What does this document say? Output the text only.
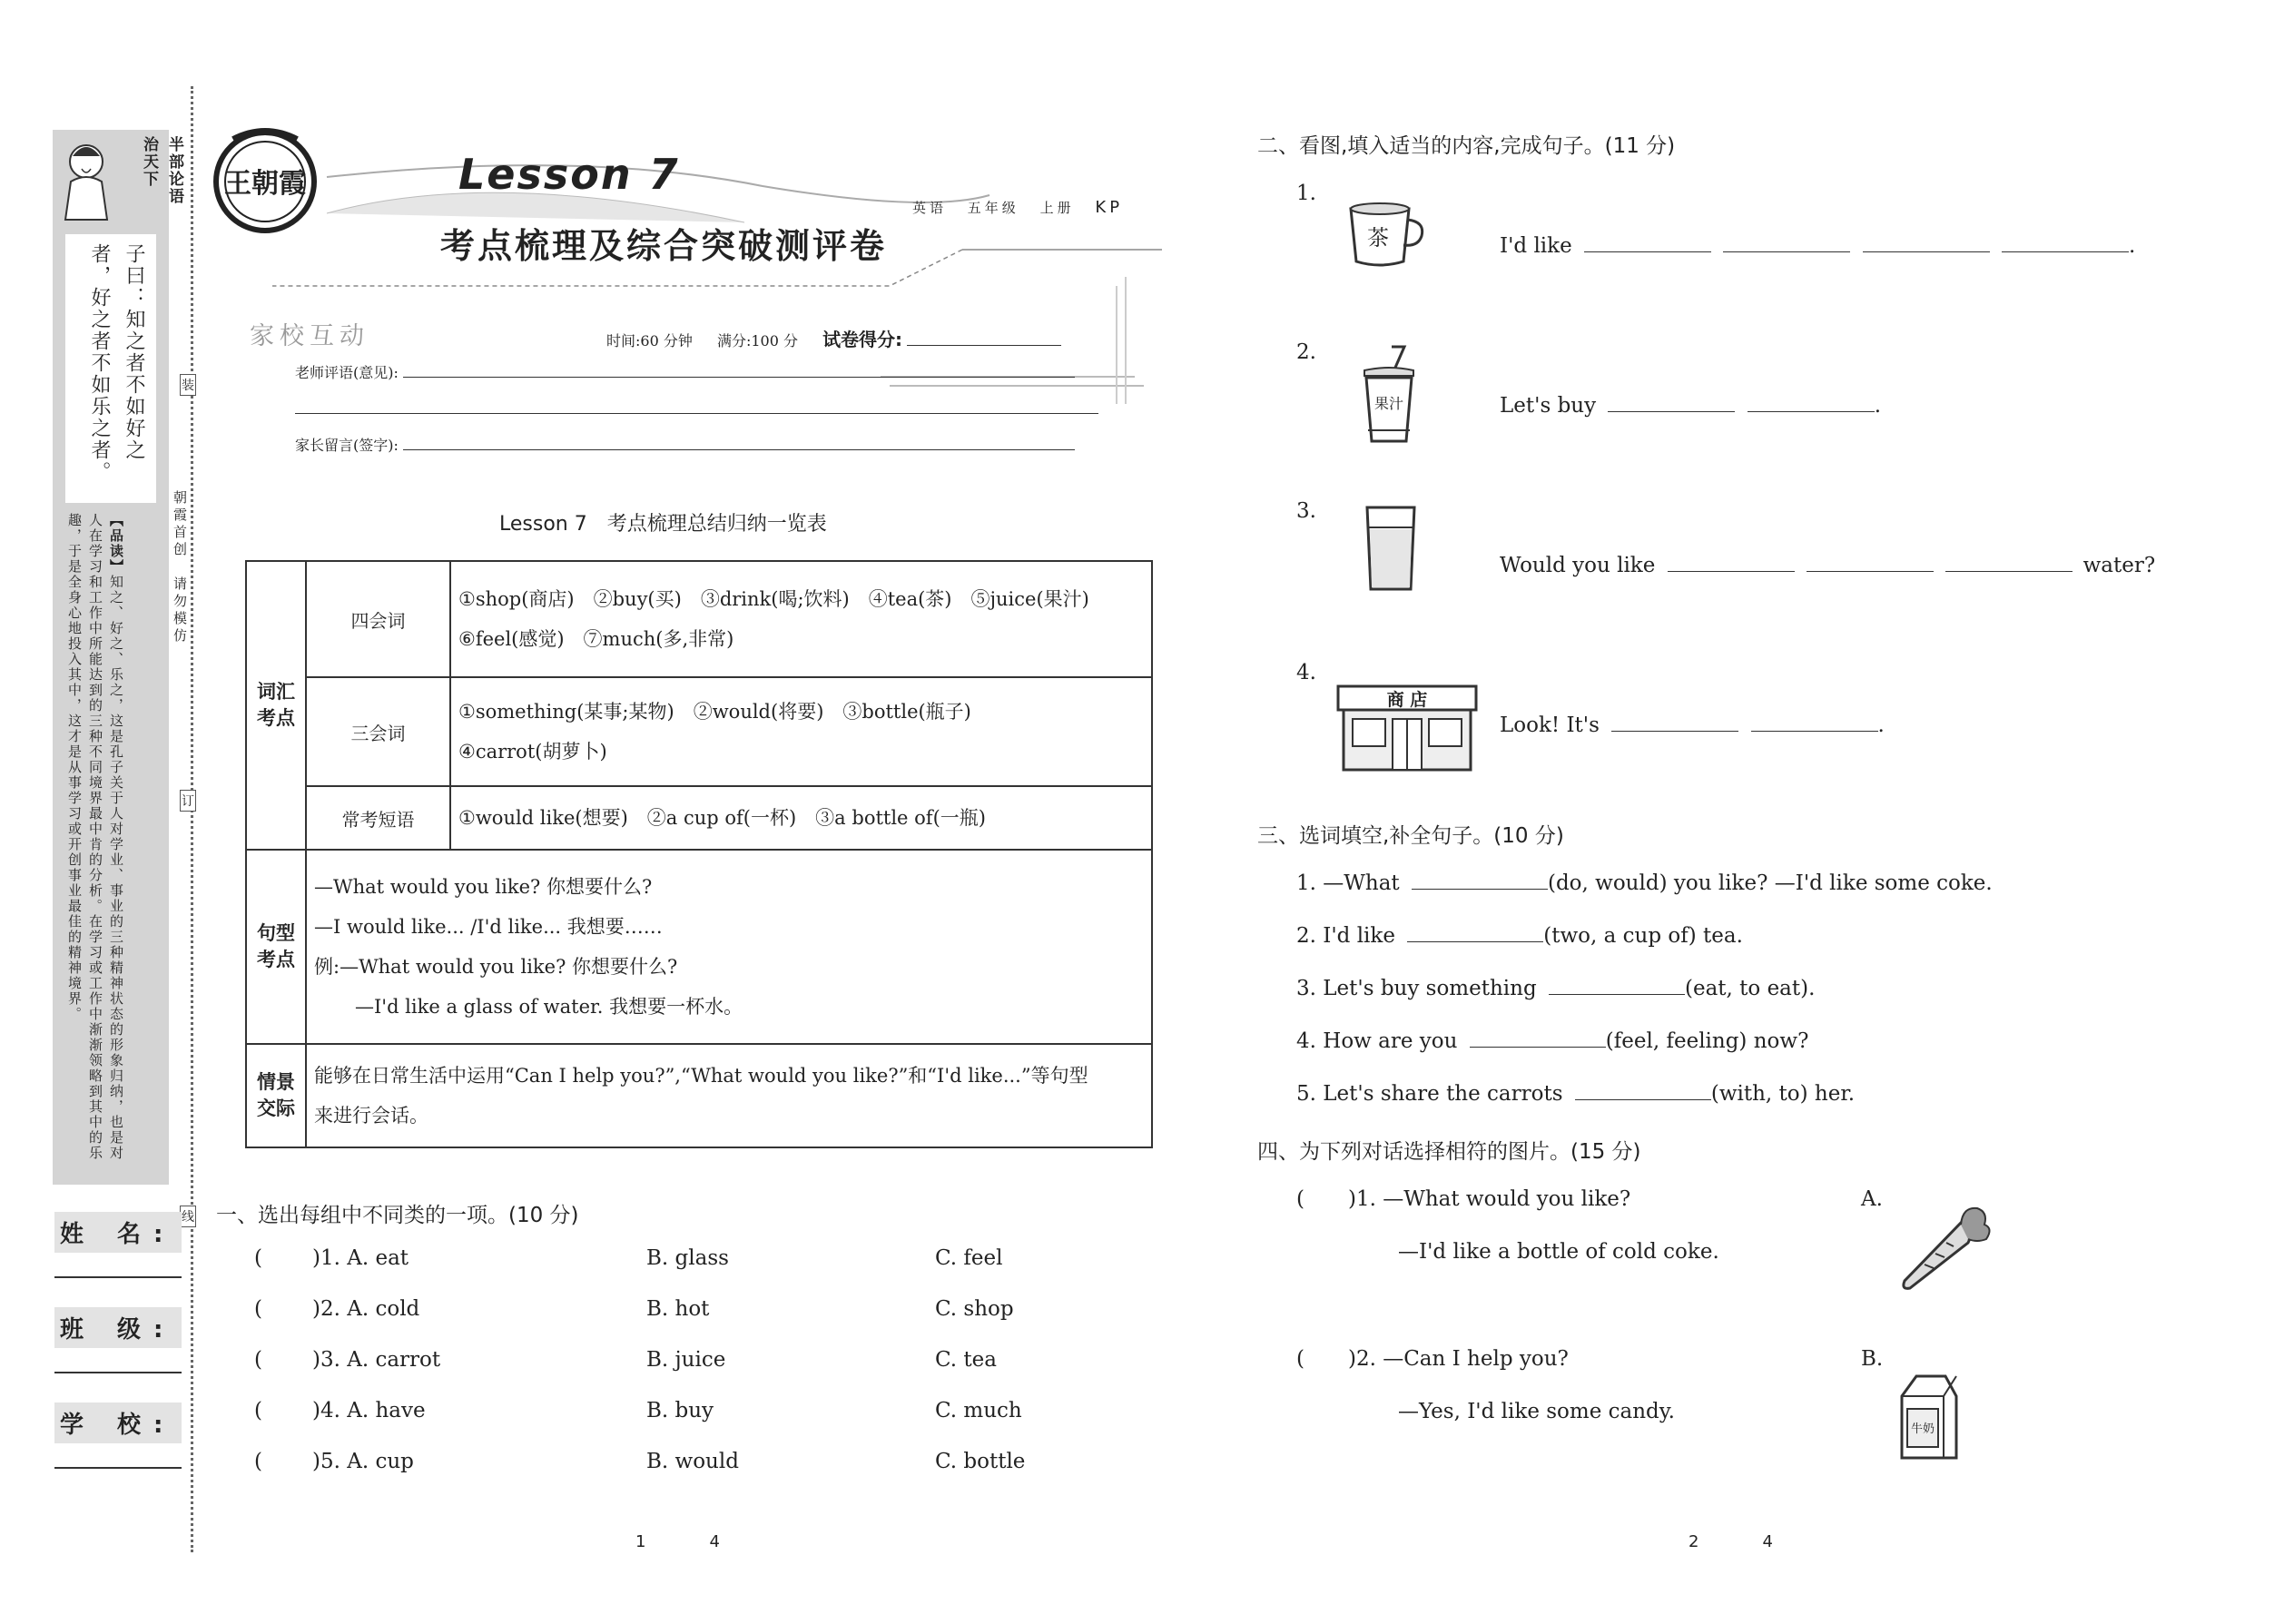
半部论语 治天下
子曰：知之者不如好之者，好之者不如乐之者。
【品读】知之、好之、乐之，这是孔子关于人对学业、事业的三种精神状态的形象归纳，也是对人在学习和工作中所能达到的三种不同境界最中肯的分析。在学习或工作中渐渐领略到其中的乐趣，于是全身心地投入其中，这才是从事学习或开创事业最佳的精神境界。	朝霞首创　请勿模仿
装
订
线
姓 名:
班 级:
学 校:
王朝霞	Lesson 7
考点梳理及综合突破测评卷
英语 五年级 上册 KP
家校互动	时间:60 分钟 满分:100 分 试卷得分:
老师评语(意见):
家长留言(签字):
Lesson 7　考点梳理总结归纳一览表
词汇考点	四会词	①shop(商店)　②buy(买)　③drink(喝;饮料)　④tea(茶)　⑤juice(果汁)
⑥feel(感觉)　⑦much(多,非常)

	三会词	①something(某事;某物)　②would(将要)　③bottle(瓶子)
④carrot(胡萝卜)

	常考短语	①would like(想要)　②a cup of(一杯)　③a bottle of(一瓶)
句型考点	—What would you like? 你想要什么?
—I would like... /I'd like... 我想要……
例:—What would you like? 你想要什么?
　—I'd like a glass of water. 我想要一杯水。	

情景交际	能够在日常生活中运用“Can I help you?”,“What would you like?”和“I'd like...”等句型
来进行会话。	
一、选出每组中不同类的一项。(10 分)
( )1. A. eat	B. glass	C. feel
( )2. A. cold	B. hot	C. shop
( )3. A. carrot	B. juice	C. tea
( )4. A. have	B. buy	C. much
( )5. A. cup	B. would	C. bottle
1	4
二、看图,填入适当的内容,完成句子。(11 分)
1.
茶	I'd like	.
2.
果汁	Let's buy	.
3.
Would you like	water?
4.
商 店
Look! It's	.
三、选词填空,补全句子。(10 分)
1. —What	(do, would) you like? —I'd like some coke.
2. I'd like	(two, a cup of) tea.
3. Let's buy something	(eat, to eat).
4. How are you	(feel, feeling) now?
5. Let's share the carrots	(with, to) her.
四、为下列对话选择相符的图片。(15 分)
( )1. —What would you like?
—I'd like a bottle of cold coke.
A.
( )2. —Can I help you?
—Yes, I'd like some candy.
B.
牛奶
2	4
